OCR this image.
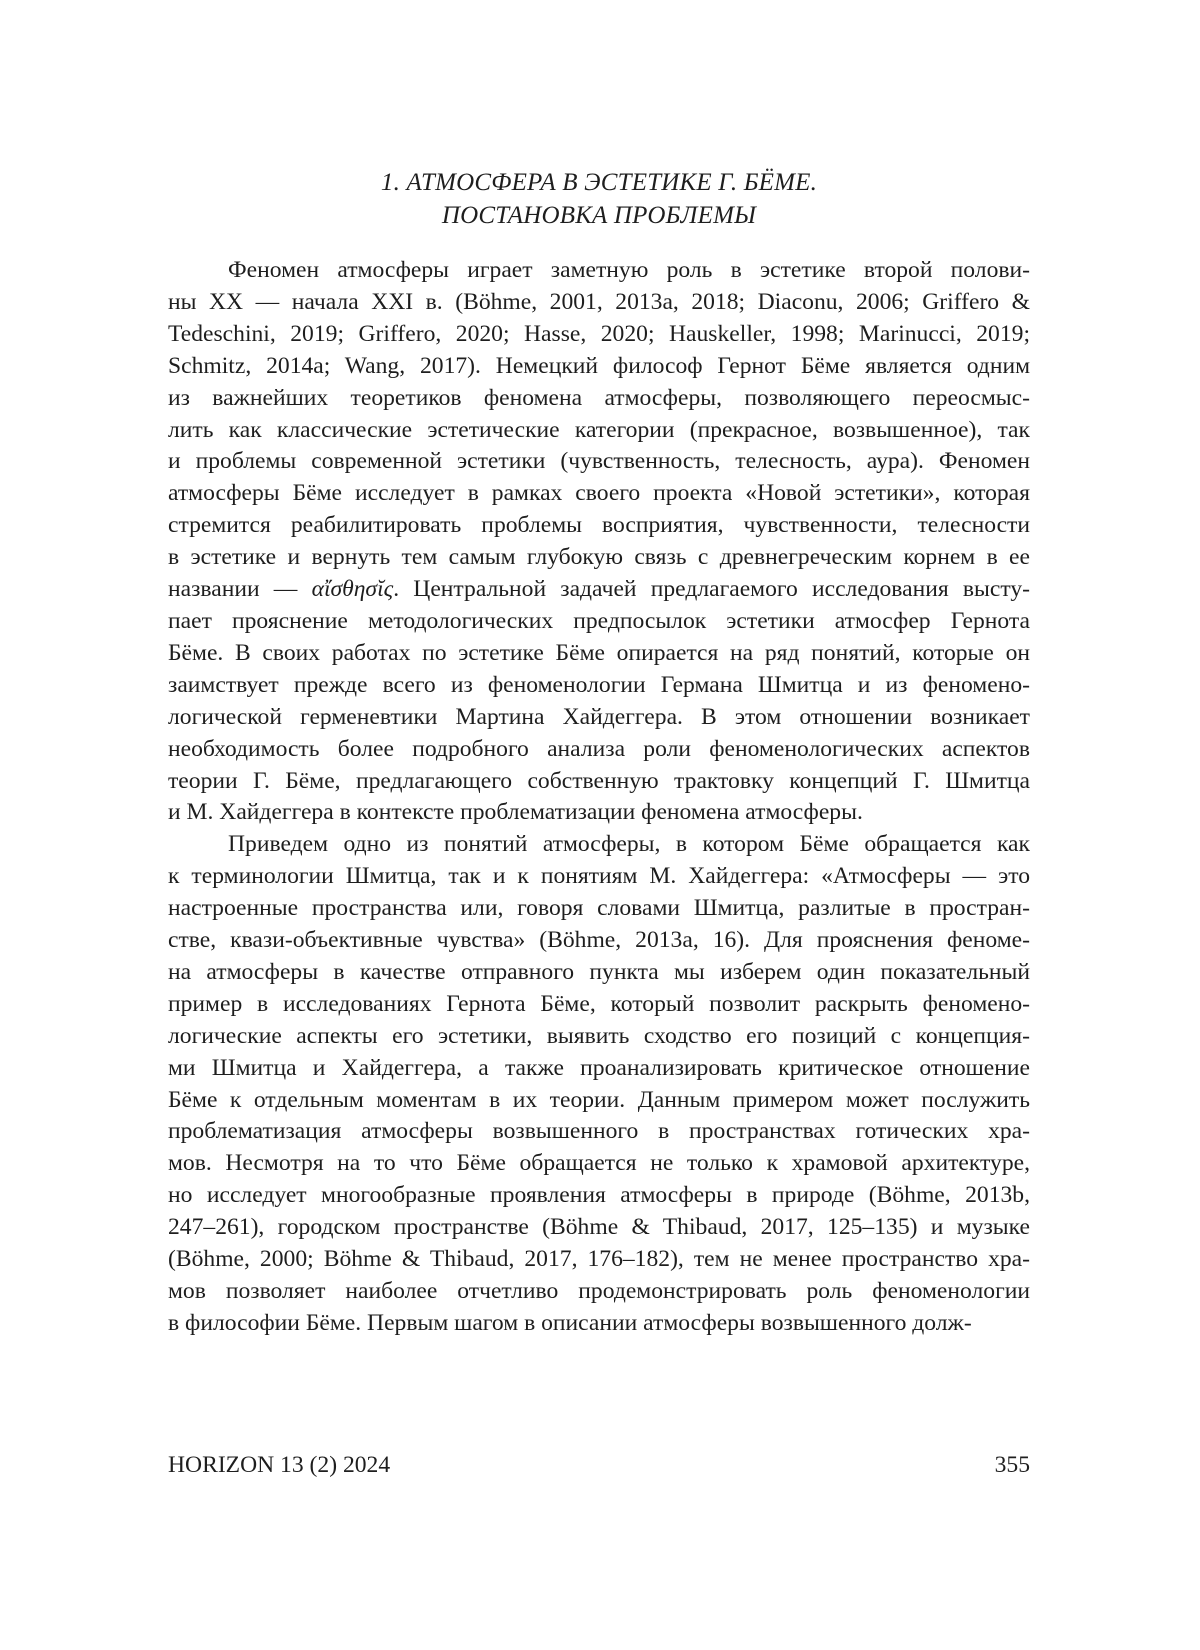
1. АТМОСФЕРА В ЭСТЕТИКЕ Г. БЁМЕ.
ПОСТАНОВКА ПРОБЛЕМЫ
Феномен атмосферы играет заметную роль в эстетике второй полови-
ны XX — начала XXI в. (Böhme, 2001, 2013a, 2018; Diaconu, 2006; Griffero &
Tedeschini, 2019; Griffero, 2020; Hasse, 2020; Hauskeller, 1998; Marinucci, 2019;
Schmitz, 2014a; Wang, 2017). Немецкий философ Гернот Бёме является одним
из важнейших теоретиков феномена атмосферы, позволяющего переосмыс-
лить как классические эстетические категории (прекрасное, возвышенное), так
и проблемы современной эстетики (чувственность, телесность, аура). Феномен
атмосферы Бёме исследует в рамках своего проекта «Новой эстетики», которая
стремится реабилитировать проблемы восприятия, чувственности, телесности
в эстетике и вернуть тем самым глубокую связь с древнегреческим корнем в ее
названии — αἴσθησῐς. Центральной задачей предлагаемого исследования высту-
пает прояснение методологических предпосылок эстетики атмосфер Гернота
Бёме. В своих работах по эстетике Бёме опирается на ряд понятий, которые он
заимствует прежде всего из феноменологии Германа Шмитца и из феномено-
логической герменевтики Мартина Хайдеггера. В этом отношении возникает
необходимость более подробного анализа роли феноменологических аспектов
теории Г. Бёме, предлагающего собственную трактовку концепций Г. Шмитца
и М. Хайдеггера в контексте проблематизации феномена атмосферы.
Приведем одно из понятий атмосферы, в котором Бёме обращается как
к терминологии Шмитца, так и к понятиям М. Хайдеггера: «Атмосферы — это
настроенные пространства или, говоря словами Шмитца, разлитые в простран-
стве, квази-объективные чувства» (Böhme, 2013a, 16). Для прояснения феноме-
на атмосферы в качестве отправного пункта мы изберем один показательный
пример в исследованиях Гернота Бёме, который позволит раскрыть феномено-
логические аспекты его эстетики, выявить сходство его позиций с концепция-
ми Шмитца и Хайдеггера, а также проанализировать критическое отношение
Бёме к отдельным моментам в их теории. Данным примером может послужить
проблематизация атмосферы возвышенного в пространствах готических хра-
мов. Несмотря на то что Бёме обращается не только к храмовой архитектуре,
но исследует многообразные проявления атмосферы в природе (Böhme, 2013b,
247–261), городском пространстве (Böhme & Thibaud, 2017, 125–135) и музыке
(Böhme, 2000; Böhme & Thibaud, 2017, 176–182), тем не менее пространство хра-
мов позволяет наиболее отчетливо продемонстрировать роль феноменологии
в философии Бёме. Первым шагом в описании атмосферы возвышенного долж-
HORIZON 13 (2) 2024	355
